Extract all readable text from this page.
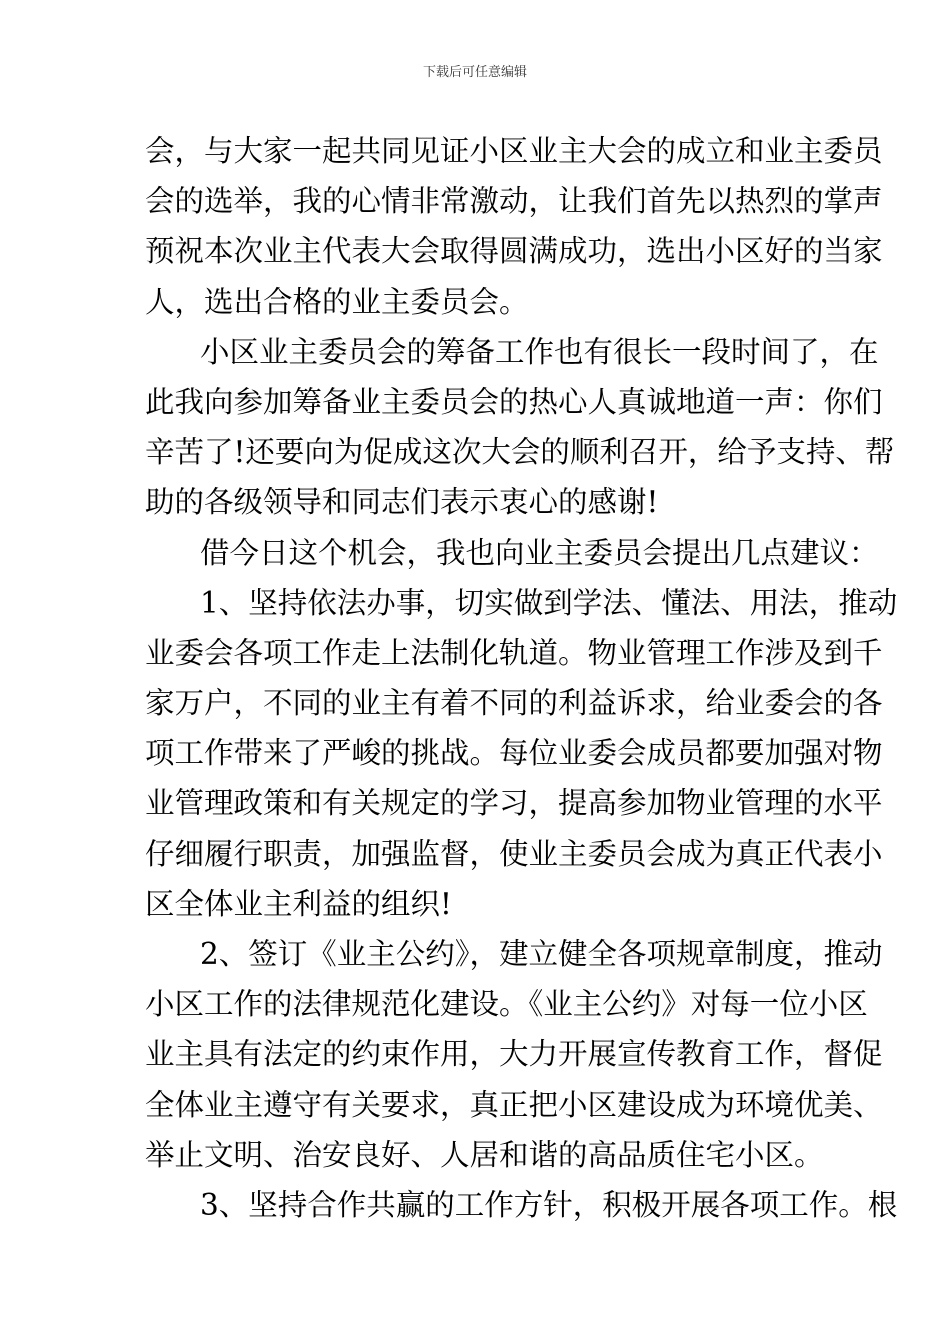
下载后可任意编辑
会，与大家一起共同见证小区业主大会的成立和业主委员
会的选举，我的心情非常激动，让我们首先以热烈的掌声
预祝本次业主代表大会取得圆满成功，选出小区好的当家
人，选出合格的业主委员会。
小区业主委员会的筹备工作也有很长一段时间了，在
此我向参加筹备业主委员会的热心人真诚地道一声：你们
辛苦了!还要向为促成这次大会的顺利召开，给予支持、帮
助的各级领导和同志们表示衷心的感谢!
借今日这个机会，我也向业主委员会提出几点建议：
1、坚持依法办事，切实做到学法、懂法、用法，推动
业委会各项工作走上法制化轨道。物业管理工作涉及到千
家万户，不同的业主有着不同的利益诉求，给业委会的各
项工作带来了严峻的挑战。每位业委会成员都要加强对物
业管理政策和有关规定的学习，提高参加物业管理的水平
仔细履行职责，加强监督，使业主委员会成为真正代表小
区全体业主利益的组织!
2、签订《业主公约》，建立健全各项规章制度，推动
小区工作的法律规范化建设。《业主公约》对每一位小区
业主具有法定的约束作用，大力开展宣传教育工作，督促
全体业主遵守有关要求，真正把小区建设成为环境优美、
举止文明、治安良好、人居和谐的高品质住宅小区。
3、坚持合作共赢的工作方针，积极开展各项工作。根
